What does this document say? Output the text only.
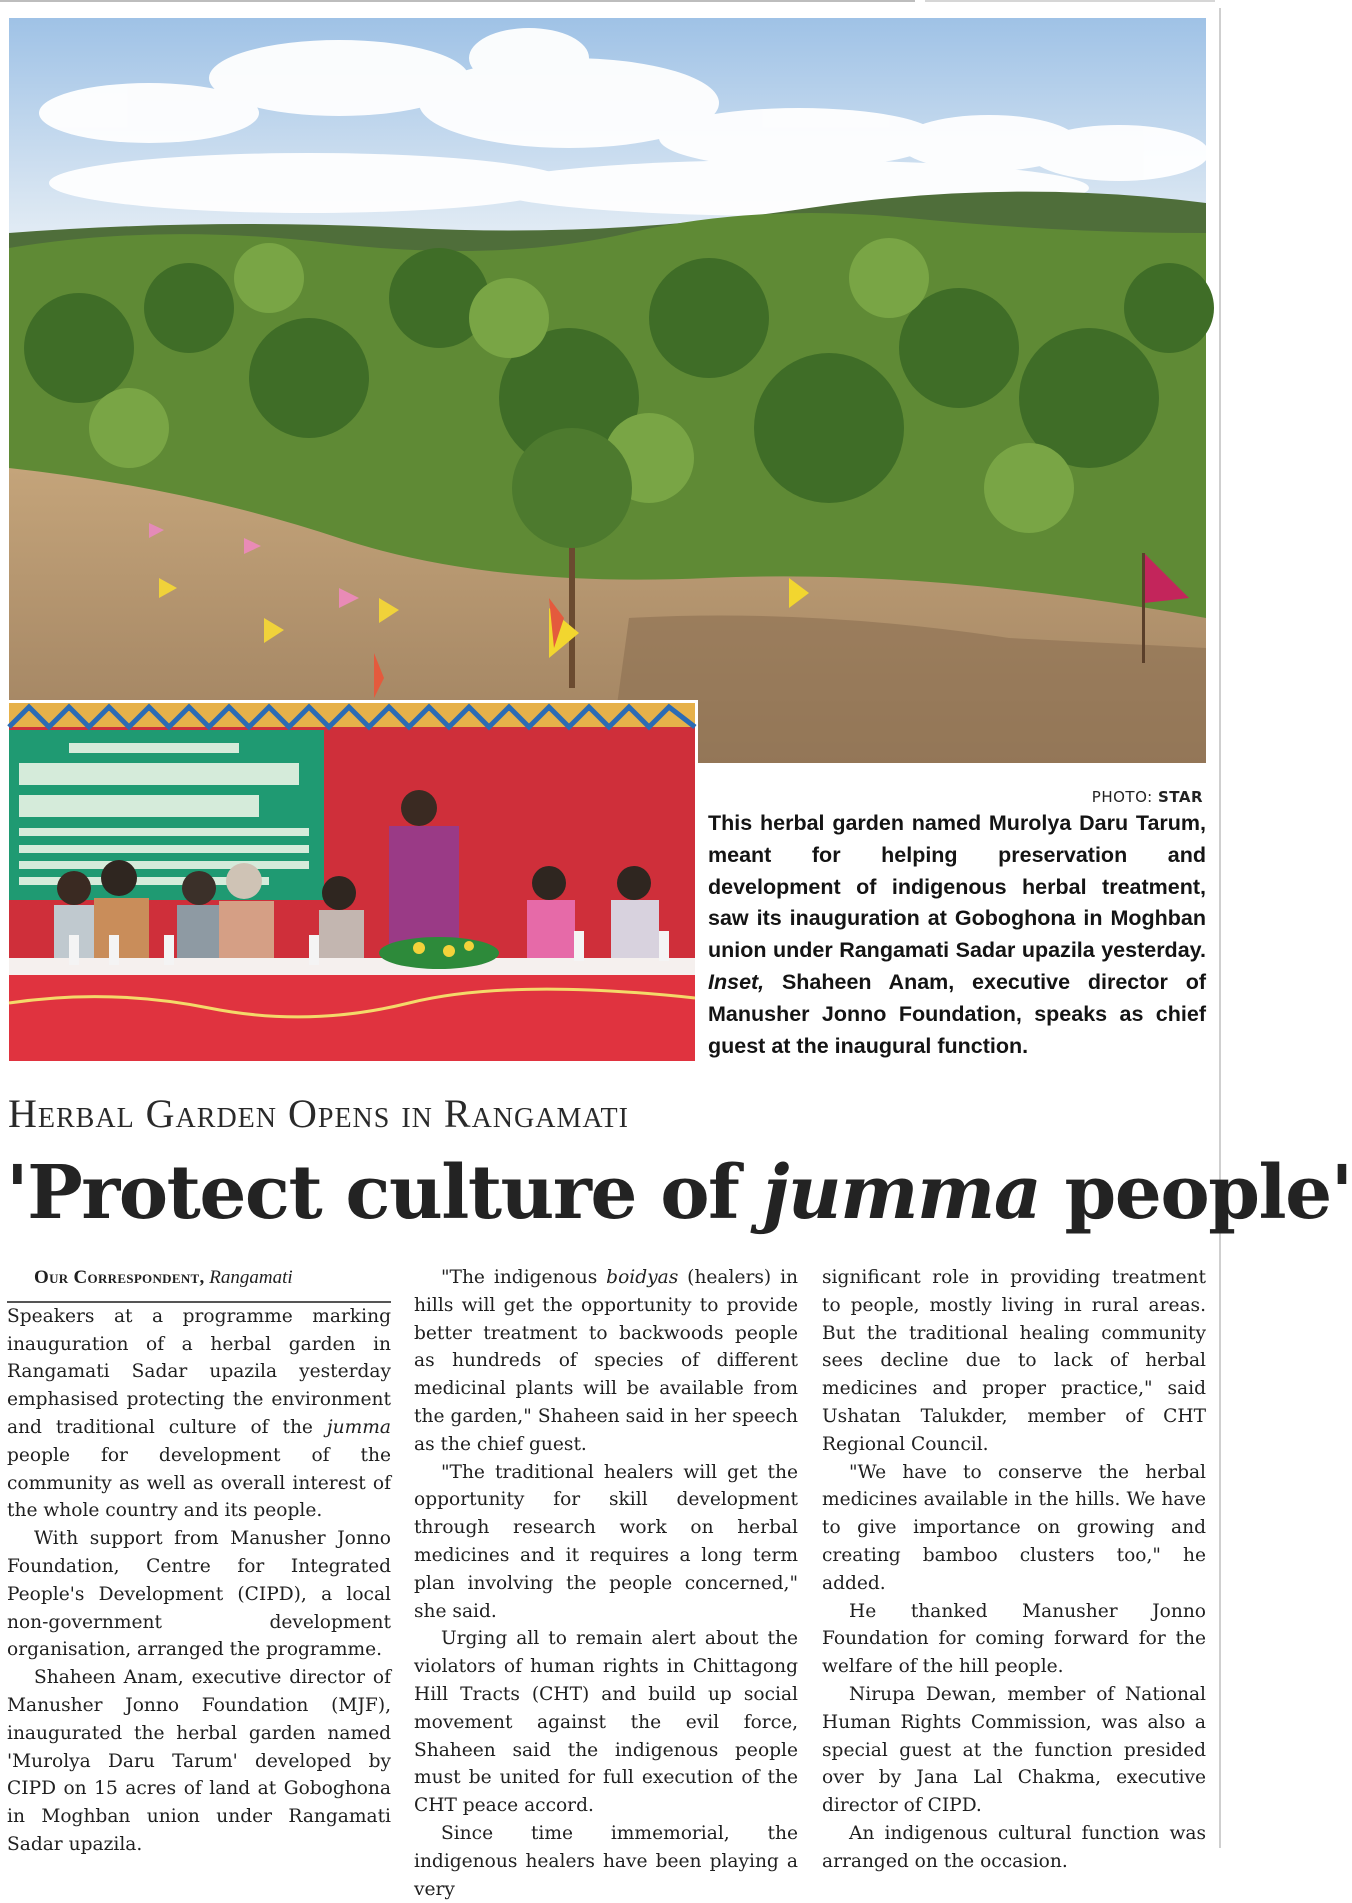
PHOTO: STAR
This herbal garden named Murolya Daru Tarum, meant for helping preservation and development of indigenous herbal treatment, saw its inauguration at Goboghona in Moghban union under Rangamati Sadar upazila yesterday. Inset, Shaheen Anam, executive director of Manusher Jonno Foundation, speaks as chief guest at the inaugural function.
Herbal Garden Opens in Rangamati
'Protect culture of jumma people'

Our Correspondent, Rangamati

Speakers at a programme marking inauguration of a herbal garden in Rangamati Sadar upazila yesterday emphasised protecting the environment and traditional culture of the jumma people for development of the community as well as overall interest of the whole country and its people.

With support from Manusher Jonno Foundation, Centre for Integrated People's Development (CIPD), a local non-government development organisation, arranged the programme.

Shaheen Anam, executive director of Manusher Jonno Foundation (MJF), inaugurated the herbal garden named 'Murolya Daru Tarum' developed by CIPD on 15 acres of land at Goboghona in Moghban union under Rangamati Sadar upazila.

"The indigenous boidyas (healers) in hills will get the opportunity to provide better treatment to backwoods people as hundreds of species of different medicinal plants will be available from the garden," Shaheen said in her speech as the chief guest.

"The traditional healers will get the opportunity for skill development through research work on herbal medicines and it requires a long term plan involving the people concerned," she said.

Urging all to remain alert about the violators of human rights in Chittagong Hill Tracts (CHT) and build up social movement against the evil force, Shaheen said the indigenous people must be united for full execution of the CHT peace accord.

Since time immemorial, the indigenous healers have been playing a very

significant role in providing treatment to people, mostly living in rural areas. But the traditional healing community sees decline due to lack of herbal medicines and proper practice," said Ushatan Talukder, member of CHT Regional Council.

"We have to conserve the herbal medicines available in the hills. We have to give importance on growing and creating bamboo clusters too," he added.

He thanked Manusher Jonno Foundation for coming forward for the welfare of the hill people.

Nirupa Dewan, member of National Human Rights Commission, was also a special guest at the function presided over by Jana Lal Chakma, executive director of CIPD.

An indigenous cultural function was arranged on the occasion.
